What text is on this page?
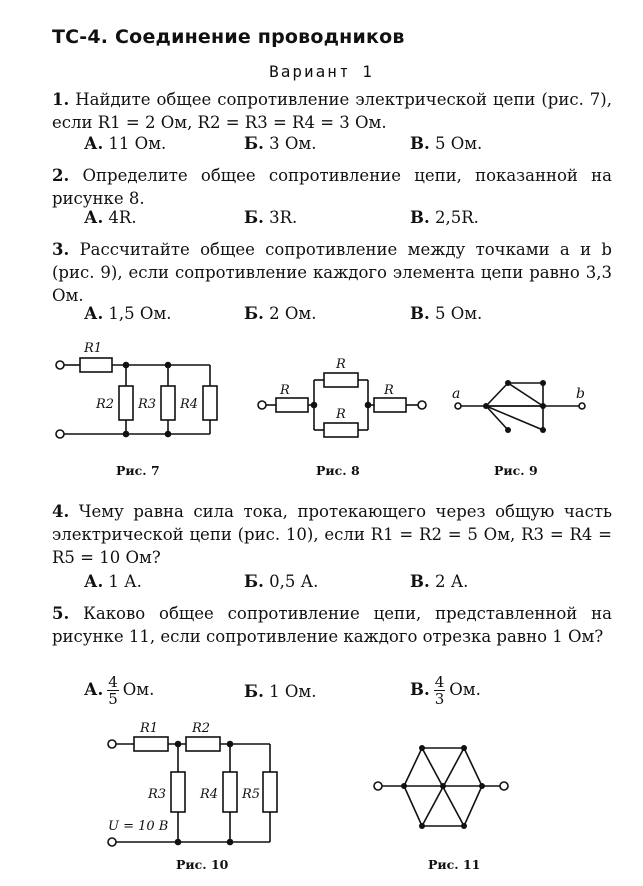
ТС-4. Соединение проводников
Вариант 1
1. Найдите общее сопротивление электрической цепи (рис. 7), если R1 = 2 Ом, R2 = R3 = R4 = 3 Ом.
А. 11 Ом.	Б. 3 Ом.	В. 5 Ом.
2. Определите общее сопротивление цепи, показанной на рисунке 8.
А. 4R.	Б. 3R.	В. 2,5R.
3. Рассчитайте общее сопротивление между точками a и b (рис. 9), если сопротивление каждого элемента цепи равно 3,3 Ом.
А. 1,5 Ом.	Б. 2 Ом.	В. 5 Ом.
R1
R2 R3 R4
Рис. 7
R
R
R
R
Рис. 8
a	b
Рис. 9
4. Чему равна сила тока, протекающего через общую часть электрической цепи (рис. 10), если R1 = R2 = 5 Ом, R3 = R4 = R5 = 10 Ом?
А. 1 А.	Б. 0,5 А.	В. 2 А.
5. Каково общее сопротивление цепи, представленной на рисунке 11, если сопротивление каждого отрезка равно 1 Ом?
А. $\frac{4}{5}$ Ом.	Б. 1 Ом.	В. $\frac{4}{3}$ Ом.
R1	R2
R3	R4 R5
U = 10 В
Рис. 10	Рис. 11
